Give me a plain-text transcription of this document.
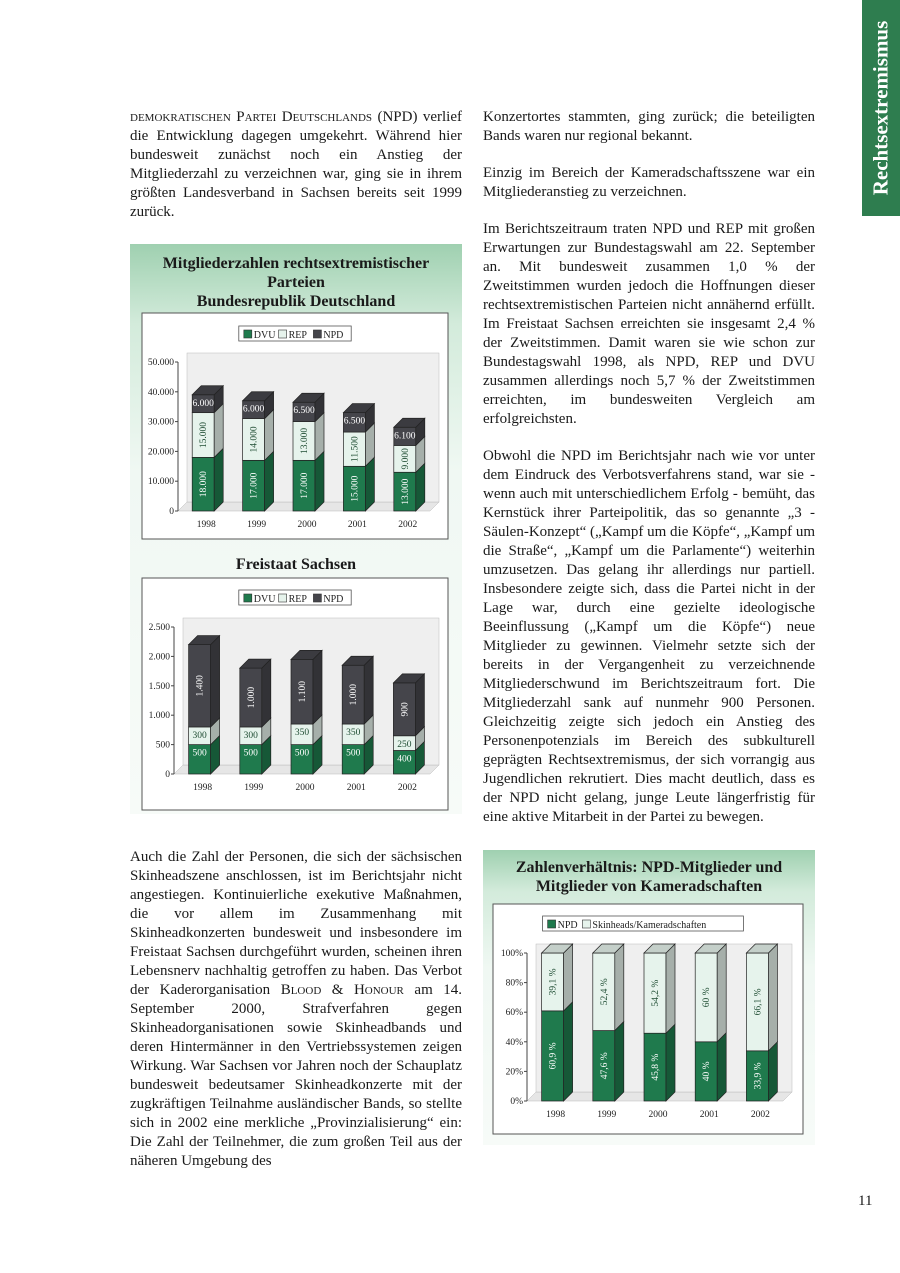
Rechtsextremismus

demokratischen Partei Deutschlands (NPD) verlief die Entwicklung dagegen umgekehrt. Während hier bundesweit zunächst noch ein Anstieg der Mitgliederzahl zu verzeichnen war, ging sie in ihrem größten Landesverband in Sachsen bereits seit 1999 zurück.

Mitgliederzahlen rechtsextremistischer
Parteien
Bundesrepublik Deutschland
0
10.000
20.000
30.000
40.000
50.000
DVU REP NPD
18.000
15.000
6.000
1998
17.000
14.000
6.000
1999
17.000
13.000
6.500
2000
15.000
11.500
6.500
2001
13.000
9.000
6.100
2002
Freistaat Sachsen
0
500
1.000
1.500
2.000
2.500
DVU REP NPD
500
300
1.400
1998
500
300
1.000
1999
500
350
1.100
2000
500
350
1.000
2001
400
250
900
2002

Auch die Zahl der Personen, die sich der sächsischen Skinheadszene anschlossen, ist im Berichtsjahr nicht angestiegen. Kontinuierliche exekutive Maßnahmen, die vor allem im Zusammenhang mit Skinheadkonzerten bundesweit und insbesondere im Freistaat Sachsen durchgeführt wurden, scheinen ihren Lebensnerv nachhaltig getroffen zu haben. Das Verbot der Kaderorganisation Blood & Honour am 14. September 2000, Strafverfahren gegen Skinheadorganisationen sowie Skinheadbands und deren Hintermänner in den Vertriebssystemen zeigen Wirkung. War Sachsen vor Jahren noch der Schauplatz bundesweit bedeutsamer Skinheadkonzerte mit der zugkräftigen Teilnahme ausländischer Bands, so stellte sich in 2002 eine merkliche „Provinzialisierung“ ein: Die Zahl der Teilnehmer, die zum großen Teil aus der näheren Umgebung des

Konzertortes stammten, ging zurück; die beteiligten Bands waren nur regional bekannt.

Einzig im Bereich der Kameradschaftsszene war ein Mitgliederanstieg zu verzeichnen.

Im Berichtszeitraum traten NPD und REP mit großen Erwartungen zur Bundestagswahl am 22. September an. Mit bundesweit zusammen 1,0 % der Zweitstimmen wurden jedoch die Hoffnungen dieser rechtsextremistischen Parteien nicht annähernd erfüllt. Im Freistaat Sachsen erreichten sie insgesamt 2,4 % der Zweitstimmen. Damit waren sie wie schon zur Bundestagswahl 1998, als NPD, REP und DVU zusammen allerdings noch 5,7 % der Zweitstimmen erreichten, im bundesweiten Vergleich am erfolgreichsten.

Obwohl die NPD im Berichtsjahr nach wie vor unter dem Eindruck des Verbotsverfahrens stand, war sie - wenn auch mit unterschiedlichem Erfolg - bemüht, das Kernstück ihrer Parteipolitik, das so genannte „3 - Säulen-Konzept“ („Kampf um die Köpfe“, „Kampf um die Straße“, „Kampf um die Parlamente“) weiterhin umzusetzen. Das gelang ihr allerdings nur partiell. Insbesondere zeigte sich, dass die Partei nicht in der Lage war, durch eine gezielte ideologische Beeinflussung („Kampf um die Köpfe“) neue Mitglieder zu gewinnen. Vielmehr setzte sich der bereits in der Vergangenheit zu verzeichnende Mitgliederschwund im Berichtszeitraum fort. Die Mitgliederzahl sank auf nunmehr 900 Personen. Gleichzeitig zeigte sich jedoch ein Anstieg des Personenpotenzials im Bereich des subkulturell geprägten Rechtsextremismus, der sich vorrangig aus Jugendlichen rekrutiert. Dies macht deutlich, dass es der NPD nicht gelang, junge Leute längerfristig für eine aktive Mitarbeit in der Partei zu bewegen.

Zahlenverhältnis: NPD-Mitglieder und
Mitglieder von Kameradschaften
0%
20%
40%
60%
80%
100%
NPD Skinheads/Kameradschaften
60,9 %
39,1 %
1998
47,6 %
52,4 %
1999
45,8 %
54,2 %
2000
40 %
60 %
2001
33,9 %
66,1 %
2002
11
